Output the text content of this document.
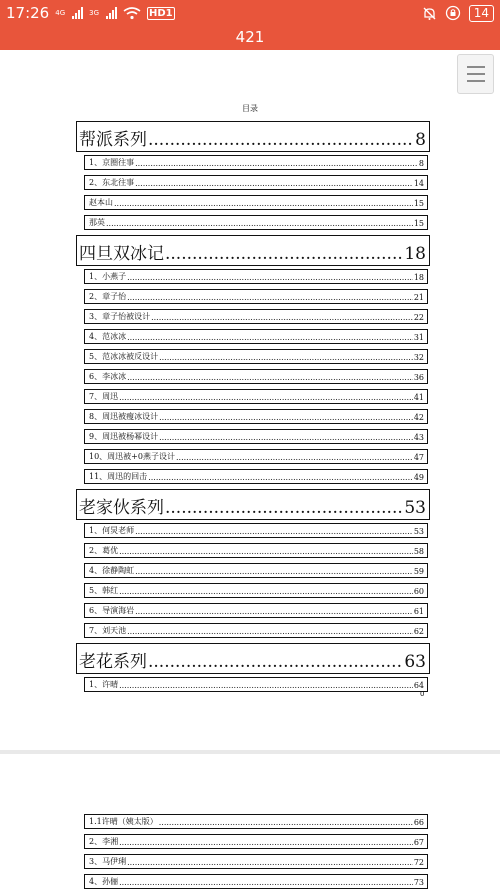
17:26 4G	3G	HD1	14
421
目录
帮派系列 .....	8
1、京圈往事 .....	8
2、东北往事 .....	14
赵本山 .....	15
那英 .....	15
四旦双冰记 .....	18
1、小燕子 .....	18
2、章子怡 .....	21
3、章子怡被设计 .....	22
4、范冰冰 .....	31
5、范冰冰被反设计 .....	32
6、李冰冰 .....	36
7、周迅 .....	41
8、周迅被瘦冰设计 .....	42
9、周迅被杨幂设计 .....	43
10、周迅被+0燕子设计 .....	47
11、周迅的回击 .....	49
老家伙系列 .....	53
1、何炅老师 .....	53
2、葛优 .....	58
4、徐静陶虹 .....	59
5、韩红 .....	60
6、导演海岩 .....	61
7、刘天池 .....	62
老花系列 .....	63
1、许晴 .....	64
0
1.1许晴（姨太版） .....	66
2、李湘 .....	67
3、马伊琍 .....	72
4、孙俪 .....	73
